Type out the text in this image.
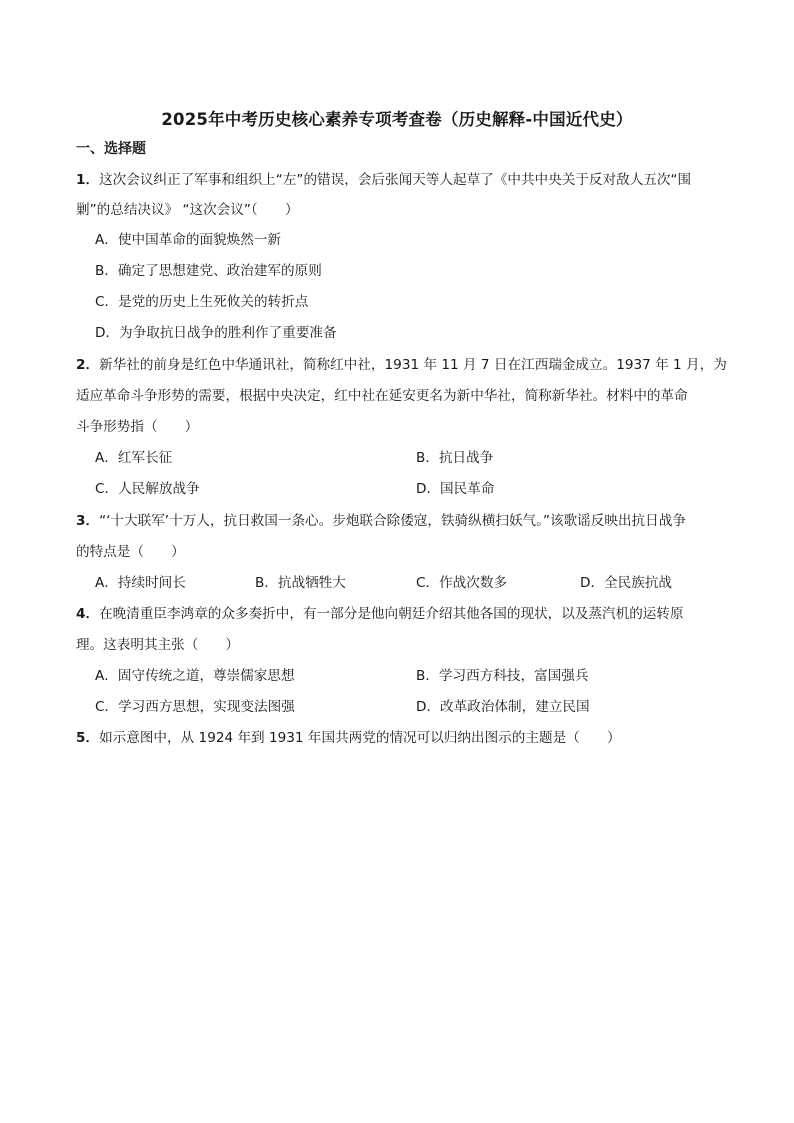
2025年中考历史核心素养专项考查卷（历史解释-中国近代史）
一、选择题
1．这次会议纠正了军事和组织上“左”的错误，会后张闻天等人起草了《中共中央关于反对敌人五次“围
剿”的总结决议》 “这次会议”（　　）
A．使中国革命的面貌焕然一新
B．确定了思想建党、政治建军的原则
C．是党的历史上生死攸关的转折点
D．为争取抗日战争的胜利作了重要准备
2．新华社的前身是红色中华通讯社，简称红中社，1931 年 11 月 7 日在江西瑞金成立。1937 年 1 月，为
适应革命斗争形势的需要，根据中央决定，红中社在延安更名为新中华社，简称新华社。材料中的革命
斗争形势指（　　）
A．红军长征	B．抗日战争
C．人民解放战争	D．国民革命
3．“‘十大联军’十万人，抗日救国一条心。步炮联合除倭寇，铁骑纵横扫妖气。”该歌谣反映出抗日战争
的特点是（　　）
A．持续时间长	B．抗战牺牲大	C．作战次数多	D．全民族抗战
4．在晚清重臣李鸿章的众多奏折中，有一部分是他向朝廷介绍其他各国的现状，以及蒸汽机的运转原
理。这表明其主张（　　）
A．固守传统之道，尊崇儒家思想	B．学习西方科技，富国强兵
C．学习西方思想，实现变法图强	D．改革政治体制，建立民国
5．如示意图中，从 1924 年到 1931 年国共两党的情况可以归纳出图示的主题是（　　）
